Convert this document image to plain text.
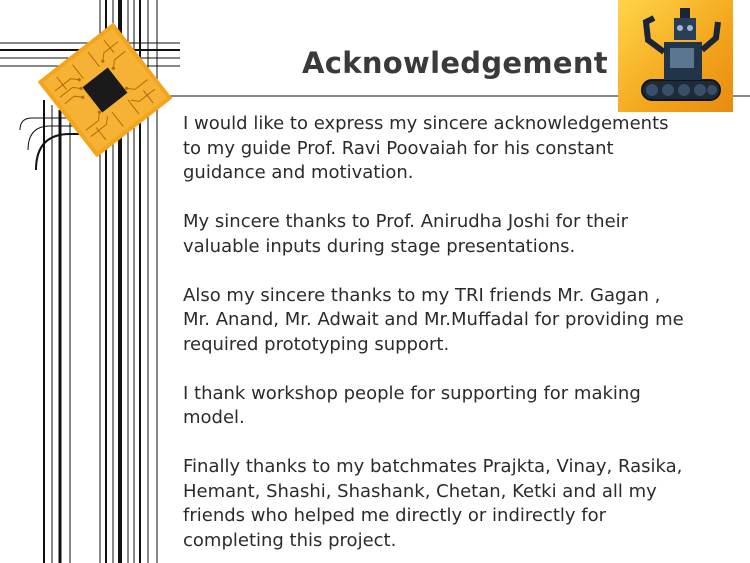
Acknowledgement

I would like to express my sincere acknowledgements
to my guide Prof. Ravi Poovaiah for his constant
guidance and motivation.

My sincere thanks to Prof. Anirudha Joshi for their
valuable inputs during stage presentations.

Also my sincere thanks to my TRI friends Mr. Gagan ,
Mr. Anand, Mr. Adwait and Mr.Muffadal for providing me
required prototyping support.

I thank workshop people for supporting for making
model.

Finally thanks to my batchmates Prajkta, Vinay, Rasika,
Hemant, Shashi, Shashank, Chetan, Ketki and all my
friends who helped me directly or indirectly for
completing this project.
